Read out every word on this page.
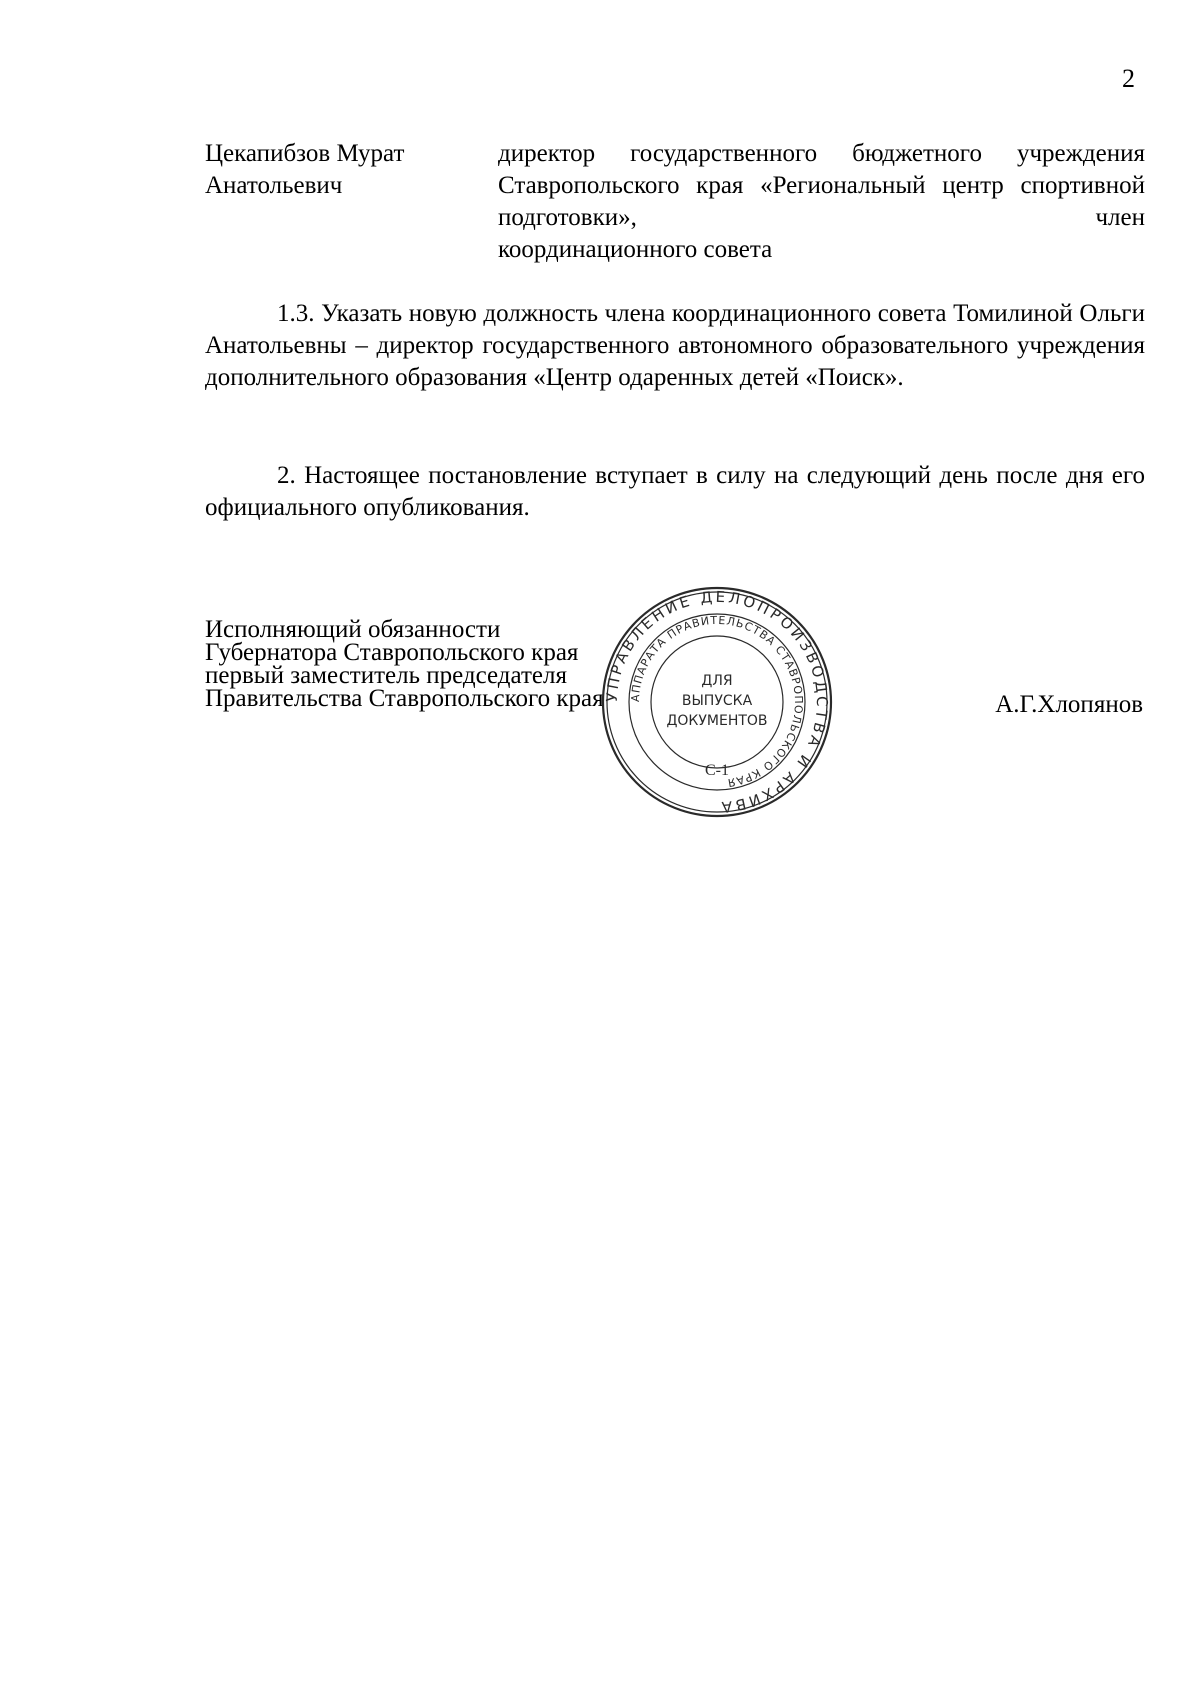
2
Цекапибзов Мурат
Анатольевич
директор государственного бюджетного учреждения Ставропольского края «Региональный центр спортивной подготовки», член
координационного совета
1.3. Указать новую должность члена координационного совета Томилиной Ольги Анатольевны – директор государственного автономного образовательного учреждения дополнительного образования «Центр одаренных детей «Поиск».
2. Настоящее постановление вступает в силу на следующий день после дня его официального опубликования.
Исполняющий обязанности
Губернатора Ставропольского края
первый заместитель председателя
Правительства Ставропольского края	А.Г.Хлопянов
УПРАВЛЕНИЕ ДЕЛОПРОИЗВОДСТВА И АРХИВА
АППАРАТА ПРАВИТЕЛЬСТВА СТАВРОПОЛЬСКОГО КРАЯ
ДЛЯ
ВЫПУСКА
ДОКУМЕНТОВ
С-1
